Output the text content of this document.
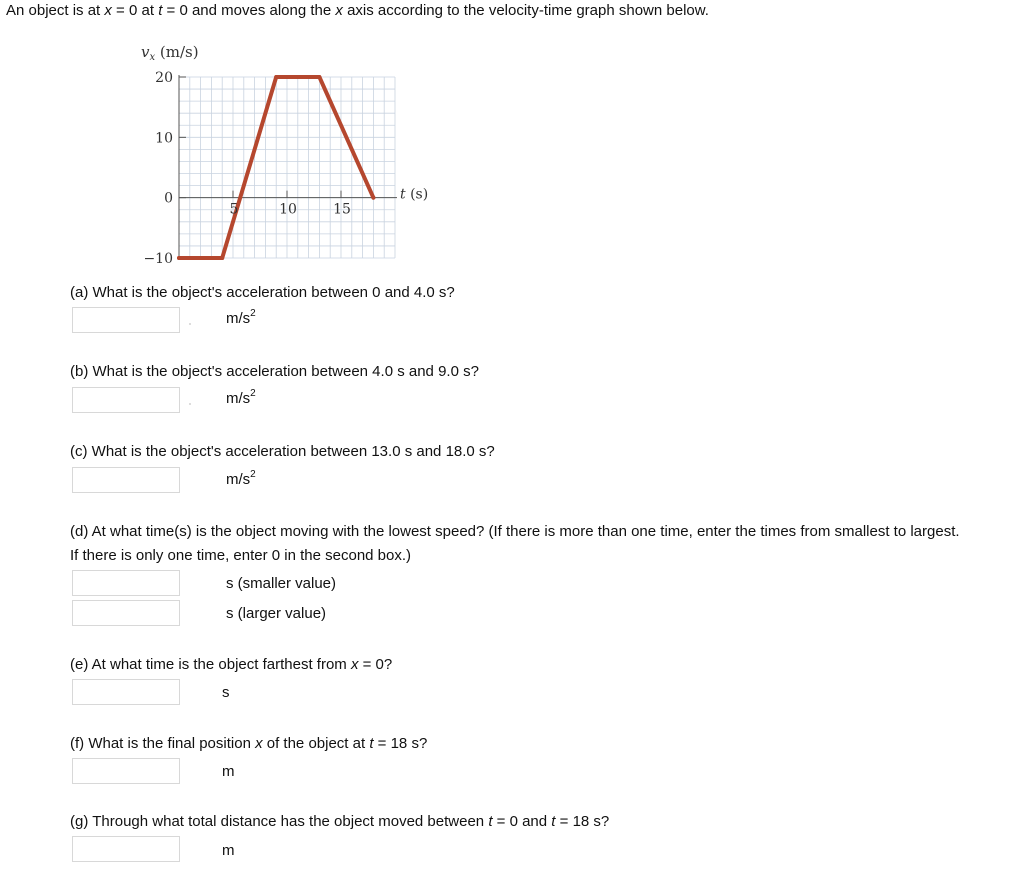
An object is at x = 0 at t = 0 and moves along the x axis according to the velocity-time graph shown below.
20
10
0
−10
5	10	15
$v_x$ (m/s)
t (s)
(a) What is the object's acceleration between 0 and 4.0 s?
$m/s^2$
(b) What is the object's acceleration between 4.0 s and 9.0 s?
$m/s^2$
(c) What is the object's acceleration between 13.0 s and 18.0 s?
$m/s^2$
(d) At what time(s) is the object moving with the lowest speed? (If there is more than one time, enter the times from smallest to largest.
If there is only one time, enter 0 in the second box.)
s (smaller value)
s (larger value)
(e) At what time is the object farthest from x = 0?
s
(f) What is the final position x of the object at t = 18 s?
m
(g) Through what total distance has the object moved between t = 0 and t = 18 s?
m
